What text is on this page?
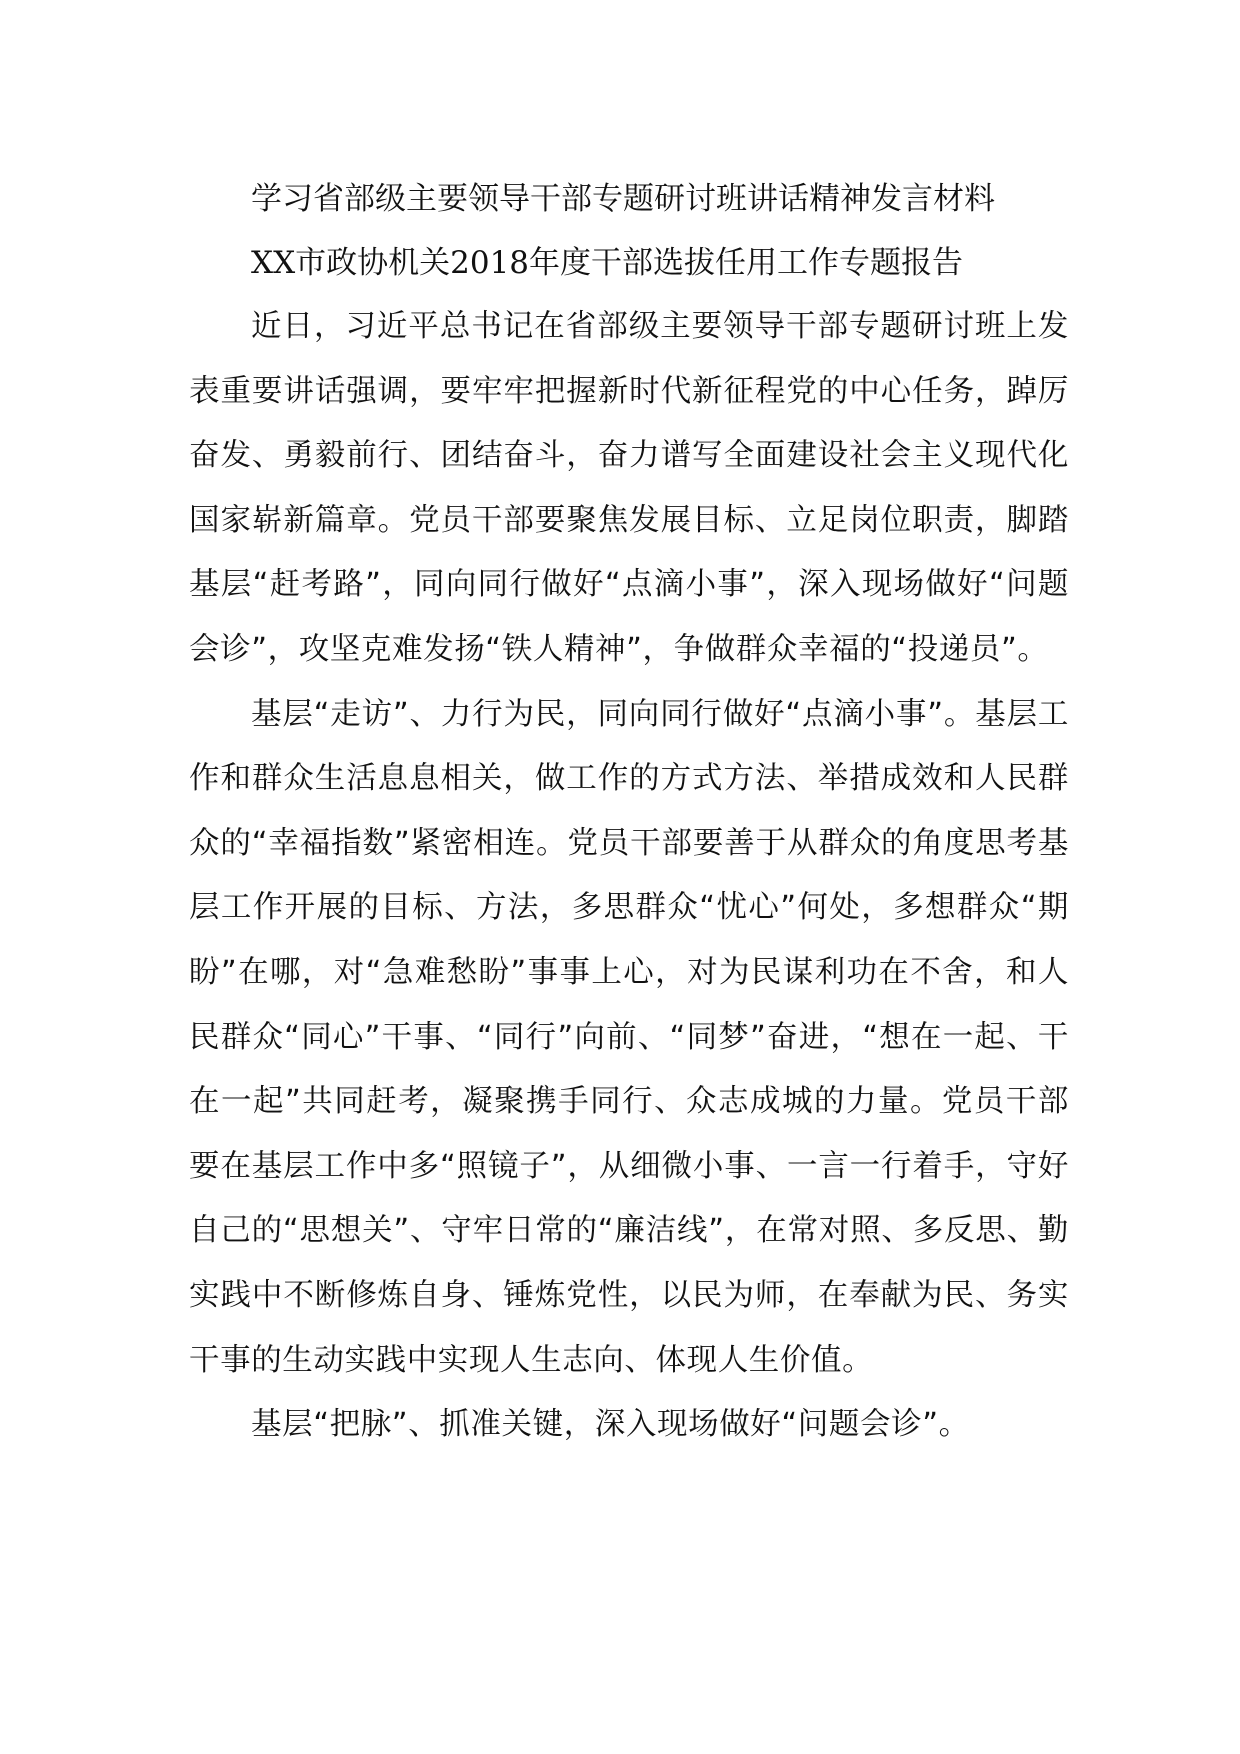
学习省部级主要领导干部专题研讨班讲话精神发言材料

XX市政协机关2018年度干部选拔任用工作专题报告

近日，习近平总书记在省部级主要领导干部专题研讨班上发表重要讲话强调，要牢牢把握新时代新征程党的中心任务，踔厉奋发、勇毅前行、团结奋斗，奋力谱写全面建设社会主义现代化国家崭新篇章。党员干部要聚焦发展目标、立足岗位职责，脚踏基层“赶考路”，同向同行做好“点滴小事”，深入现场做好“问题会诊”，攻坚克难发扬“铁人精神”，争做群众幸福的“投递员”。

基层“走访”、力行为民，同向同行做好“点滴小事”。基层工作和群众生活息息相关，做工作的方式方法、举措成效和人民群众的“幸福指数”紧密相连。党员干部要善于从群众的角度思考基层工作开展的目标、方法，多思群众“忧心”何处，多想群众“期盼”在哪，对“急难愁盼”事事上心，对为民谋利功在不舍，和人民群众“同心”干事、“同行”向前、“同梦”奋进，“想在一起、干在一起”共同赶考，凝聚携手同行、众志成城的力量。党员干部要在基层工作中多“照镜子”，从细微小事、一言一行着手，守好自己的“思想关”、守牢日常的“廉洁线”，在常对照、多反思、勤实践中不断修炼自身、锤炼党性，以民为师，在奉献为民、务实干事的生动实践中实现人生志向、体现人生价值。

基层“把脉”、抓准关键，深入现场做好“问题会诊”。
